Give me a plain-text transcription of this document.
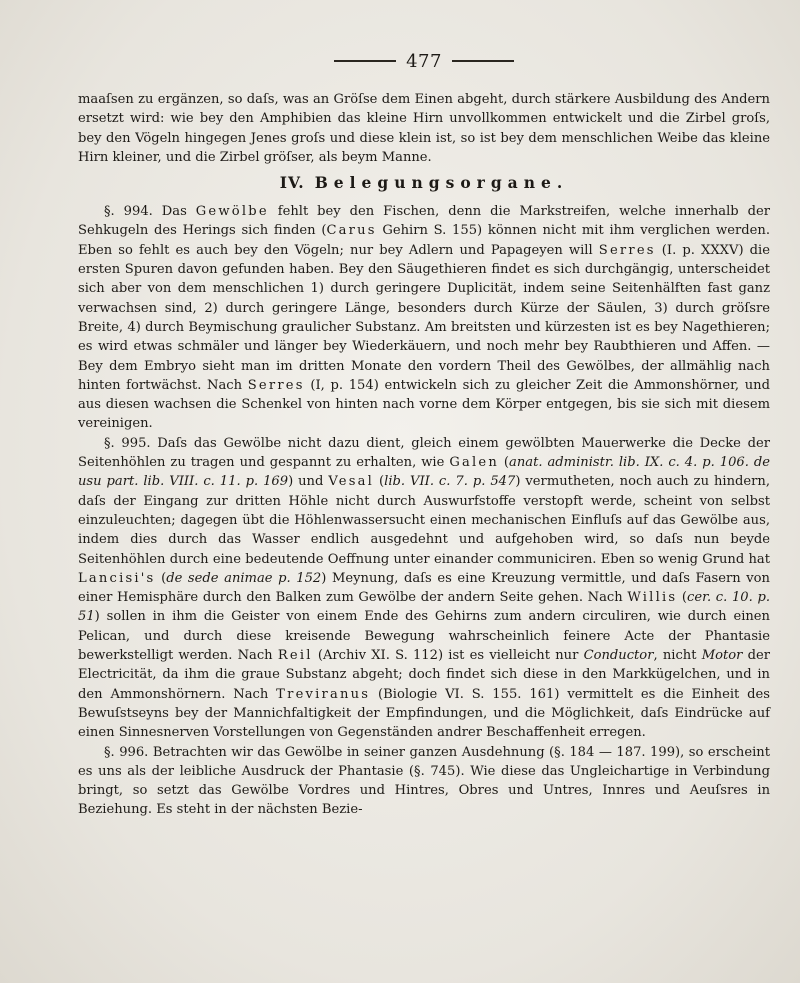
477

maaſsen zu ergänzen, so daſs, was an Gröſse dem Einen abgeht, durch stärkere Ausbildung des Andern ersetzt wird: wie bey den Amphibien das kleine Hirn unvollkommen entwickelt und die Zirbel groſs, bey den Vögeln hingegen Jenes groſs und diese klein ist, so ist bey dem menschlichen Weibe das kleine Hirn kleiner, und die Zirbel gröſser, als beym Manne.

IV. Belegungsorgane.

§. 994. Das Gewölbe fehlt bey den Fischen, denn die Markstreifen, welche innerhalb der Sehkugeln des Herings sich finden (Carus Gehirn S. 155) können nicht mit ihm verglichen werden. Eben so fehlt es auch bey den Vögeln; nur bey Adlern und Papageyen will Serres (I. p. XXXV) die ersten Spuren davon gefunden haben. Bey den Säugethieren findet es sich durchgängig, unterscheidet sich aber von dem menschlichen 1) durch geringere Duplicität, indem seine Seitenhälften fast ganz verwachsen sind, 2) durch geringere Länge, besonders durch Kürze der Säulen, 3) durch gröſsre Breite, 4) durch Beymischung graulicher Substanz. Am breitsten und kürzesten ist es bey Nagethieren; es wird etwas schmäler und länger bey Wiederkäuern, und noch mehr bey Raubthieren und Affen. — Bey dem Embryo sieht man im dritten Monate den vordern Theil des Gewölbes, der allmählig nach hinten fortwächst. Nach Serres (I, p. 154) entwickeln sich zu gleicher Zeit die Ammonshörner, und aus diesen wachsen die Schenkel von hinten nach vorne dem Körper entgegen, bis sie sich mit diesem vereinigen.

§. 995. Daſs das Gewölbe nicht dazu dient, gleich einem gewölbten Mauerwerke die Decke der Seitenhöhlen zu tragen und gespannt zu erhalten, wie Galen (anat. administr. lib. IX. c. 4. p. 106. de usu part. lib. VIII. c. 11. p. 169) und Vesal (lib. VII. c. 7. p. 547) vermutheten, noch auch zu hindern, daſs der Eingang zur dritten Höhle nicht durch Auswurfstoffe verstopft werde, scheint von selbst einzuleuchten; dagegen übt die Höhlenwassersucht einen mechanischen Einfluſs auf das Gewölbe aus, indem dies durch das Wasser endlich ausgedehnt und aufgehoben wird, so daſs nun beyde Seitenhöhlen durch eine bedeutende Oeffnung unter einander communiciren. Eben so wenig Grund hat Lancisi's (de sede animae p. 152) Meynung, daſs es eine Kreuzung vermittle, und daſs Fasern von einer Hemisphäre durch den Balken zum Gewölbe der andern Seite gehen. Nach Willis (cer. c. 10. p. 51) sollen in ihm die Geister von einem Ende des Gehirns zum andern circuliren, wie durch einen Pelican, und durch diese kreisende Bewegung wahrscheinlich feinere Acte der Phantasie bewerkstelligt werden. Nach Reil (Archiv XI. S. 112) ist es vielleicht nur Conductor, nicht Motor der Electricität, da ihm die graue Substanz abgeht; doch findet sich diese in den Markkügelchen, und in den Ammonshörnern. Nach Treviranus (Biologie VI. S. 155. 161) vermittelt es die Einheit des Bewuſstseyns bey der Mannichfaltigkeit der Empfindungen, und die Möglichkeit, daſs Eindrücke auf einen Sinnesnerven Vorstellungen von Gegenständen andrer Beschaffenheit erregen.

§. 996. Betrachten wir das Gewölbe in seiner ganzen Ausdehnung (§. 184 — 187. 199), so erscheint es uns als der leibliche Ausdruck der Phantasie (§. 745). Wie diese das Ungleichartige in Verbindung bringt, so setzt das Gewölbe Vordres und Hintres, Obres und Untres, Innres und Aeuſsres in Beziehung. Es steht in der nächsten Bezie-
